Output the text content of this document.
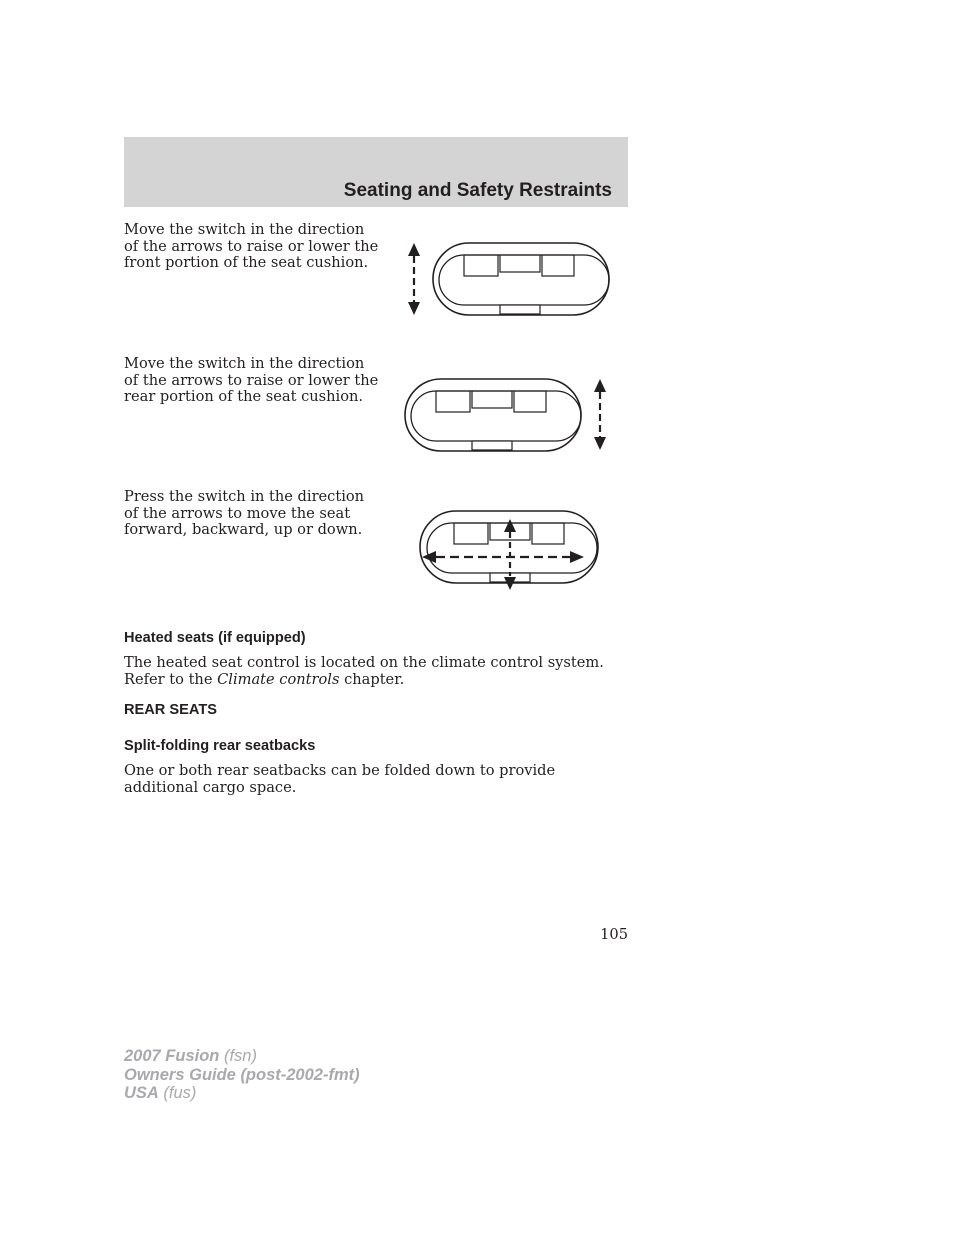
Seating and Safety Restraints

Move the switch in the direction of the arrows to raise or lower the front portion of the seat cushion.

Move the switch in the direction of the arrows to raise or lower the rear portion of the seat cushion.

Press the switch in the direction of the arrows to move the seat forward, backward, up or down.

Heated seats (if equipped)

The heated seat control is located on the climate control system. Refer to the Climate controls chapter.

REAR SEATS
Split-folding rear seatbacks

One or both rear seatbacks can be folded down to provide additional cargo space.

105
2007 Fusion (fsn)
Owners Guide (post-2002-fmt)
USA (fus)
